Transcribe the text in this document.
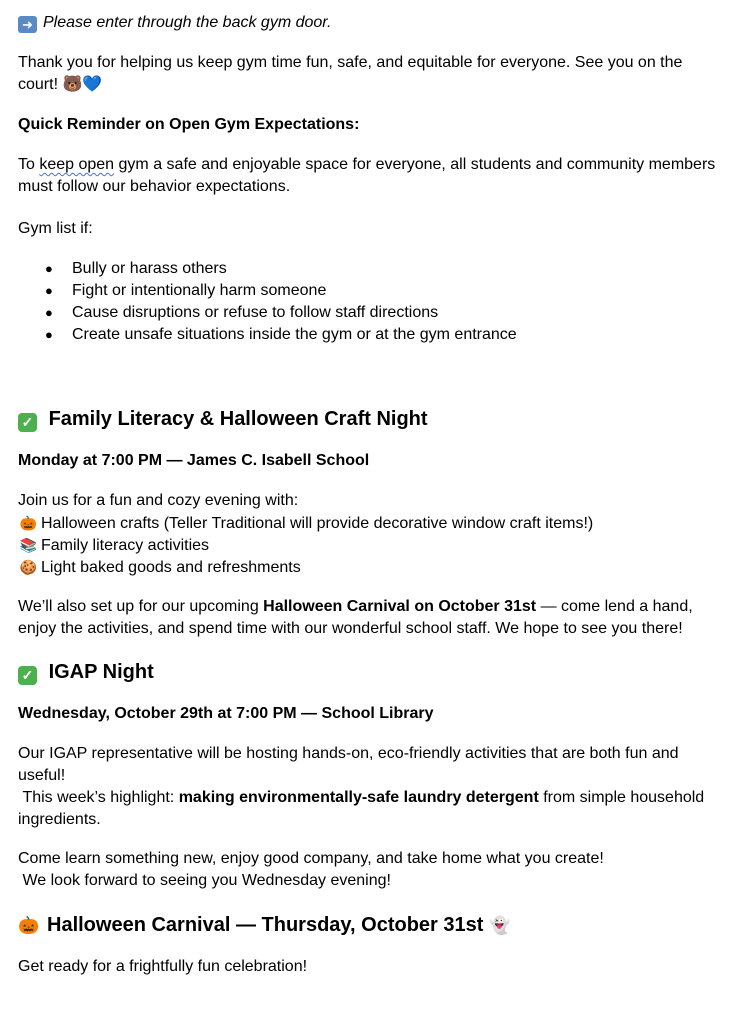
➜ Please enter through the back gym door.

Thank you for helping us keep gym time fun, safe, and equitable for everyone. See you on the court! 🐻💙

Quick Reminder on Open Gym Expectations:

To keep open gym a safe and enjoyable space for everyone, all students and community members must follow our behavior expectations.

Gym list if:

● Bully or harass others
● Fight or intentionally harm someone
● Cause disruptions or refuse to follow staff directions
● Create unsafe situations inside the gym or at the gym entrance
✓ Family Literacy & Halloween Craft Night

Monday at 7:00 PM — James C. Isabell School

Join us for a fun and cozy evening with:

🎃 Halloween crafts (Teller Traditional will provide decorative window craft items!)
📚 Family literacy activities
🍪 Light baked goods and refreshments

We’ll also set up for our upcoming Halloween Carnival on October 31st — come lend a hand, enjoy the activities, and spend time with our wonderful school staff. We hope to see you there!

✓ IGAP Night

Wednesday, October 29th at 7:00 PM — School Library

Our IGAP representative will be hosting hands-on, eco-friendly activities that are both fun and useful!

This week’s highlight: making environmentally-safe laundry detergent from simple household ingredients.

Come learn something new, enjoy good company, and take home what you create!

We look forward to seeing you Wednesday evening!

🎃 Halloween Carnival — Thursday, October 31st 👻

Get ready for a frightfully fun celebration!
